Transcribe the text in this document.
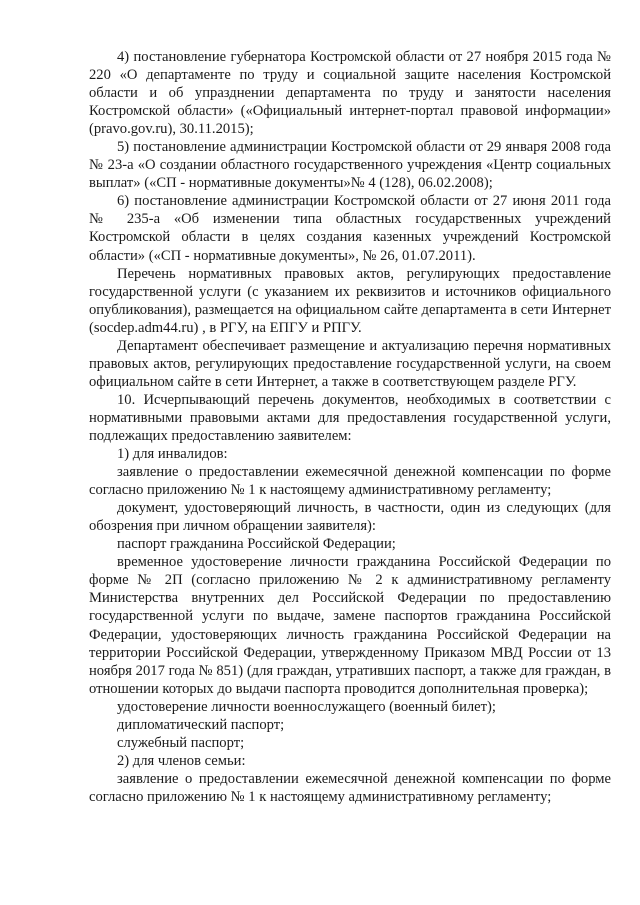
4) постановление губернатора Костромской области от 27 ноября 2015 года № 220 «О департаменте по труду и социальной защите населения Костромской области и об упразднении департамента по труду и занятости населения Костромской области» («Официальный интернет-портал правовой информации» (pravo.gov.ru), 30.11.2015);

5) постановление администрации Костромской области от 29 января 2008 года № 23-а «О создании областного государственного учреждения «Центр социальных выплат» («СП - нормативные документы»№ 4 (128), 06.02.2008);

6) постановление администрации Костромской области от 27 июня 2011 года № 235-а «Об изменении типа областных государственных учреждений Костромской области в целях создания казенных учреждений Костромской области» («СП - нормативные документы», № 26, 01.07.2011).

Перечень нормативных правовых актов, регулирующих предоставление государственной услуги (с указанием их реквизитов и источников официального опубликования), размещается на официальном сайте департамента в сети Интернет (socdep.adm44.ru) , в РГУ, на ЕПГУ и РПГУ.

Департамент обеспечивает размещение и актуализацию перечня нормативных правовых актов, регулирующих предоставление государственной услуги, на своем официальном сайте в сети Интернет, а также в соответствующем разделе РГУ.

10. Исчерпывающий перечень документов, необходимых в соответствии с нормативными правовыми актами для предоставления государственной услуги, подлежащих предоставлению заявителем:

1) для инвалидов:

заявление о предоставлении ежемесячной денежной компенсации по форме согласно приложению № 1 к настоящему административному регламенту;

документ, удостоверяющий личность, в частности, один из следующих (для обозрения при личном обращении заявителя):

паспорт гражданина Российской Федерации;

временное удостоверение личности гражданина Российской Федерации по форме № 2П (согласно приложению № 2 к административному регламенту Министерства внутренних дел Российской Федерации по предоставлению государственной услуги по выдаче, замене паспортов гражданина Российской Федерации, удостоверяющих личность гражданина Российской Федерации на территории Российской Федерации, утвержденному Приказом МВД России от 13 ноября 2017 года № 851) (для граждан, утративших паспорт, а также для граждан, в отношении которых до выдачи паспорта проводится дополнительная проверка);

удостоверение личности военнослужащего (военный билет);

дипломатический паспорт;

служебный паспорт;

2) для членов семьи:

заявление о предоставлении ежемесячной денежной компенсации по форме согласно приложению № 1 к настоящему административному регламенту;
